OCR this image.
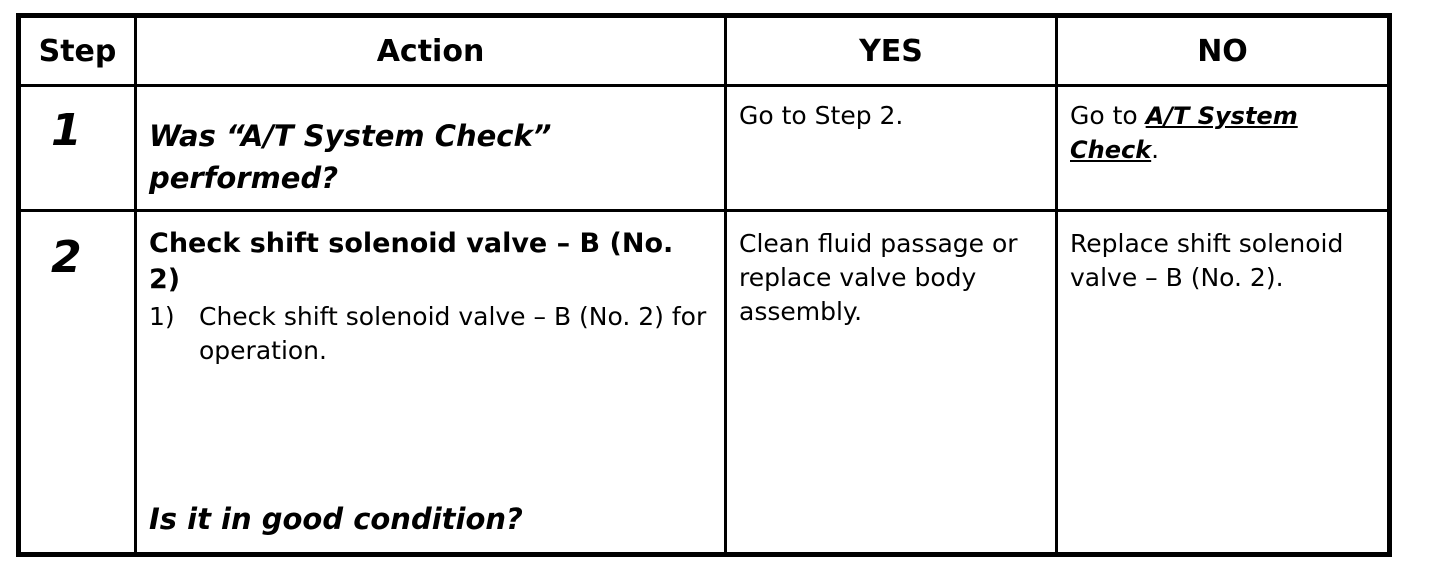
Step	Action	YES	NO

1	Was “A/T System Check” performed?	Go to Step 2.	Go to A/T System Check.

2	Check shift solenoid valve – B (No. 2)
1) Check shift solenoid valve – B (No. 2) for operation.
Is it in good condition?	Clean fluid passage or replace valve body assembly.	Replace shift solenoid valve – B (No. 2).
